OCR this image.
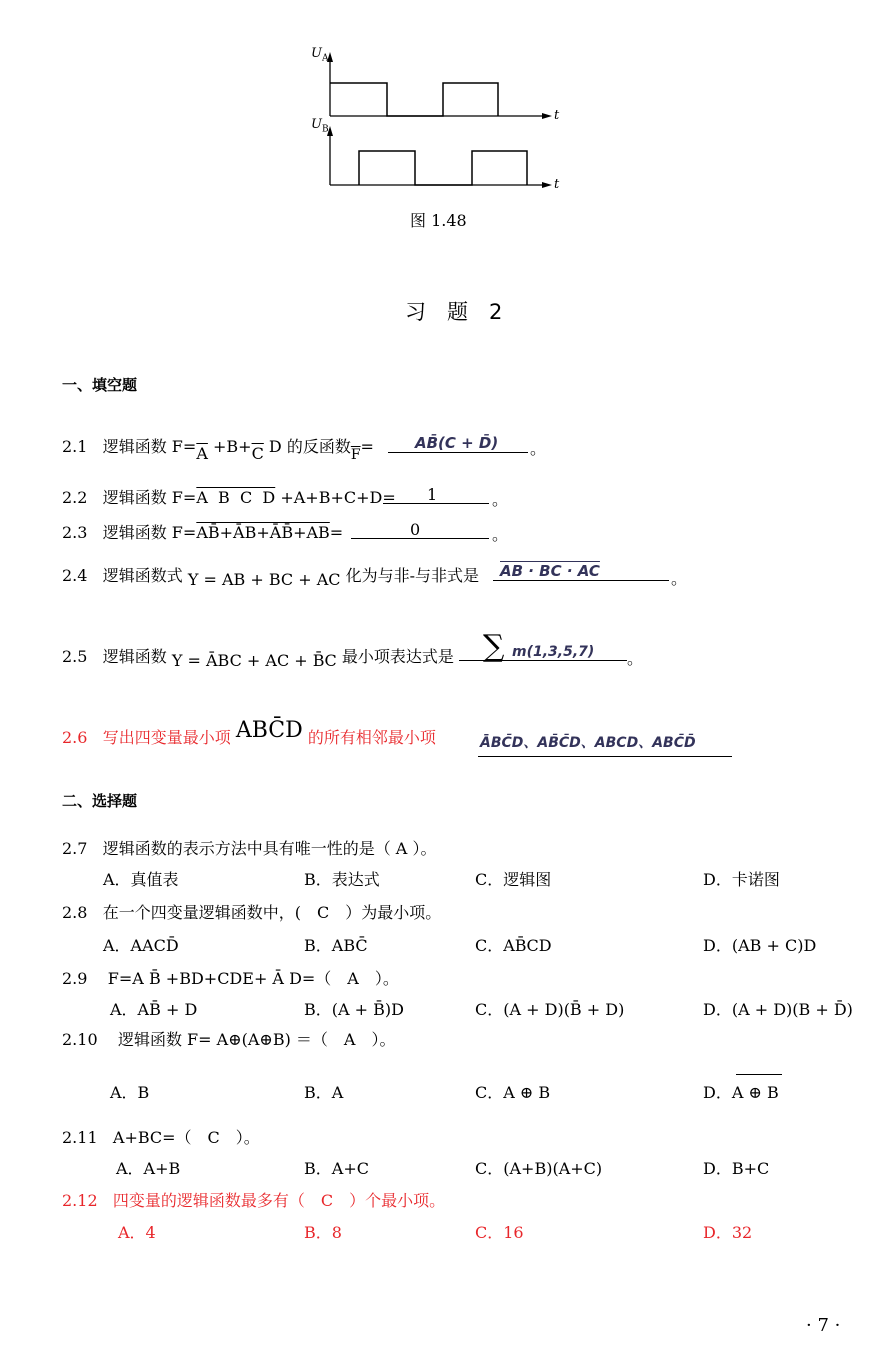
$U_A$
$U_B$
t
t
图 1.48
习　题　2
一、填空题
2.1 逻辑函数 $F=\overline{A} +B+\overline{C}$ D 的反函数$\overline{F}=$	AB̄(C + D̄) 。
2.2 逻辑函数 F=A  B  C  D +A+B+C+D= 1	。
2.3 逻辑函数 F=AB̄+ĀB+ĀB̄+AB=	0	。
2.4 逻辑函数式 Y = AB + BC + AC 化为与非-与非式是 AB · BC · AC	。
2.5 逻辑函数 Y = ĀBC + AC + B̄C 最小项表达式是 ∑ m(1,3,5,7) 。
2.6 写出四变量最小项 ABC̄D 的所有相邻最小项	ĀBC̄D、AB̄C̄D、ABCD、ABC̄D̄
二、选择题
2.7 逻辑函数的表示方法中具有唯一性的是（ A ）。
A．真值表	B．表达式	C．逻辑图	D．卡诺图
2.8 在一个四变量逻辑函数中，(　C　）为最小项。
A．AACD̄	B．ABC̄	C．AB̄CD	D．(AB + C)D
2.9 F=A B̄ +BD+CDE+ Ā D=（　A　）。
A．AB̄ + D	B．(A + B̄)D	C．(A + D)(B̄ + D)	D．(A + D)(B + D̄)
2.10 逻辑函数 F= A⊕(A⊕B) ＝（　A　）。
A．B	B．A	C．A ⊕ B	D．A ⊕ B
2.11 A+BC=（　C　）。
A．A+B	B．A+C	C．(A+B)(A+C)	D．B+C
2.12 四变量的逻辑函数最多有（　C　）个最小项。
A．4	B．8	C．16	D．32
· 7 ·
